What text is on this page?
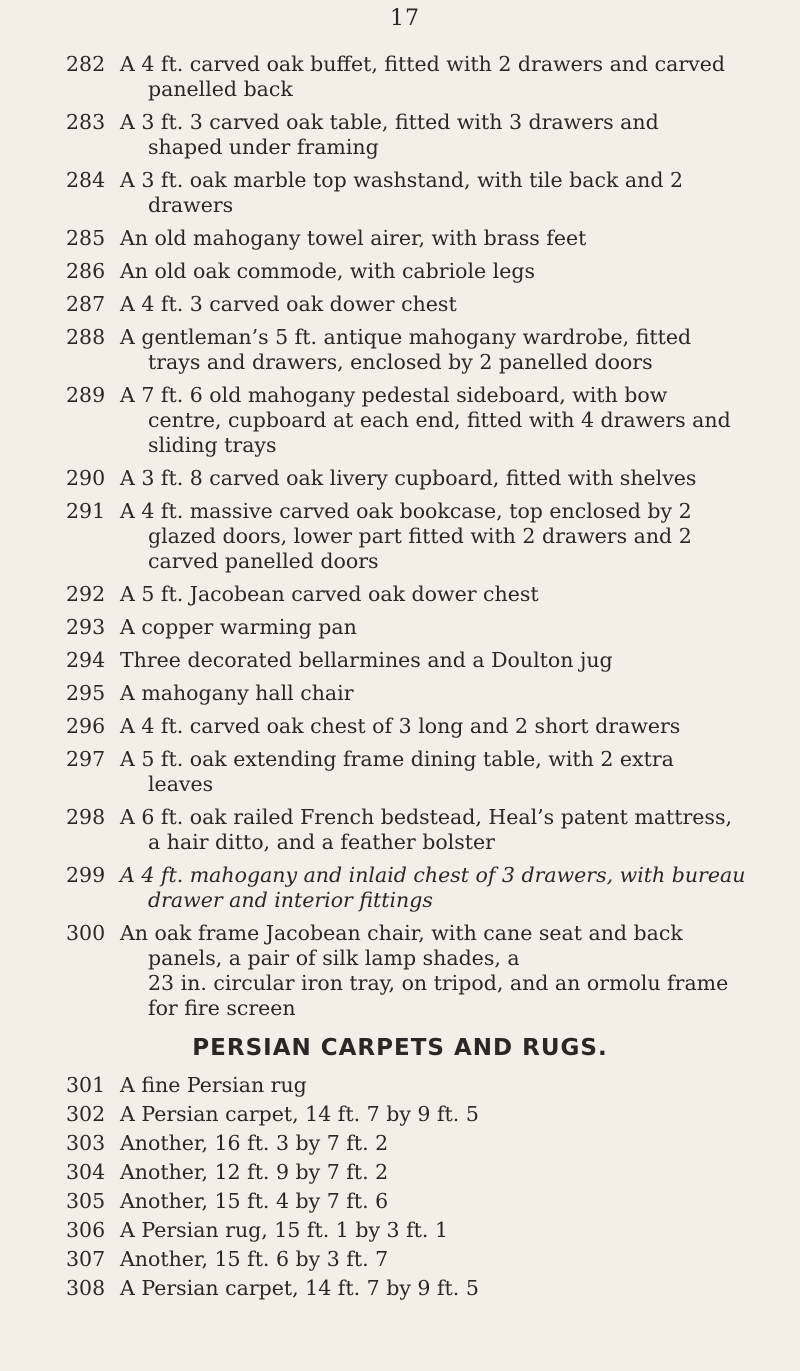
17
282 A 4 ft. carved oak buffet, fitted with 2 drawers and carved
panelled back
283 A 3 ft. 3 carved oak table, fitted with 3 drawers and
shaped under framing
284 A 3 ft. oak marble top washstand, with tile back and 2
drawers
285 An old mahogany towel airer, with brass feet
286 An old oak commode, with cabriole legs
287 A 4 ft. 3 carved oak dower chest
288 A gentleman’s 5 ft. antique mahogany wardrobe, fitted
trays and drawers, enclosed by 2 panelled doors
289 A 7 ft. 6 old mahogany pedestal sideboard, with bow
centre, cupboard at each end, fitted with 4 drawers and
sliding trays
290 A 3 ft. 8 carved oak livery cupboard, fitted with shelves
291 A 4 ft. massive carved oak bookcase, top enclosed by 2
glazed doors, lower part fitted with 2 drawers and 2
carved panelled doors
292 A 5 ft. Jacobean carved oak dower chest
293 A copper warming pan
294 Three decorated bellarmines and a Doulton jug
295 A mahogany hall chair
296 A 4 ft. carved oak chest of 3 long and 2 short drawers
297 A 5 ft. oak extending frame dining table, with 2 extra
leaves
298 A 6 ft. oak railed French bedstead, Heal’s patent mattress,
a hair ditto, and a feather bolster
299 A 4 ft. mahogany and inlaid chest of 3 drawers, with bureau
drawer and interior fittings
300 An oak frame Jacobean chair, with cane seat and back
panels, a pair of silk lamp shades, a
23 in. circular iron tray, on tripod, and an ormolu frame
for fire screen
PERSIAN CARPETS AND RUGS.
301 A fine Persian rug
302 A Persian carpet, 14 ft. 7 by 9 ft. 5
303 Another, 16 ft. 3 by 7 ft. 2
304 Another, 12 ft. 9 by 7 ft. 2
305 Another, 15 ft. 4 by 7 ft. 6
306 A Persian rug, 15 ft. 1 by 3 ft. 1
307 Another, 15 ft. 6 by 3 ft. 7
308 A Persian carpet, 14 ft. 7 by 9 ft. 5
